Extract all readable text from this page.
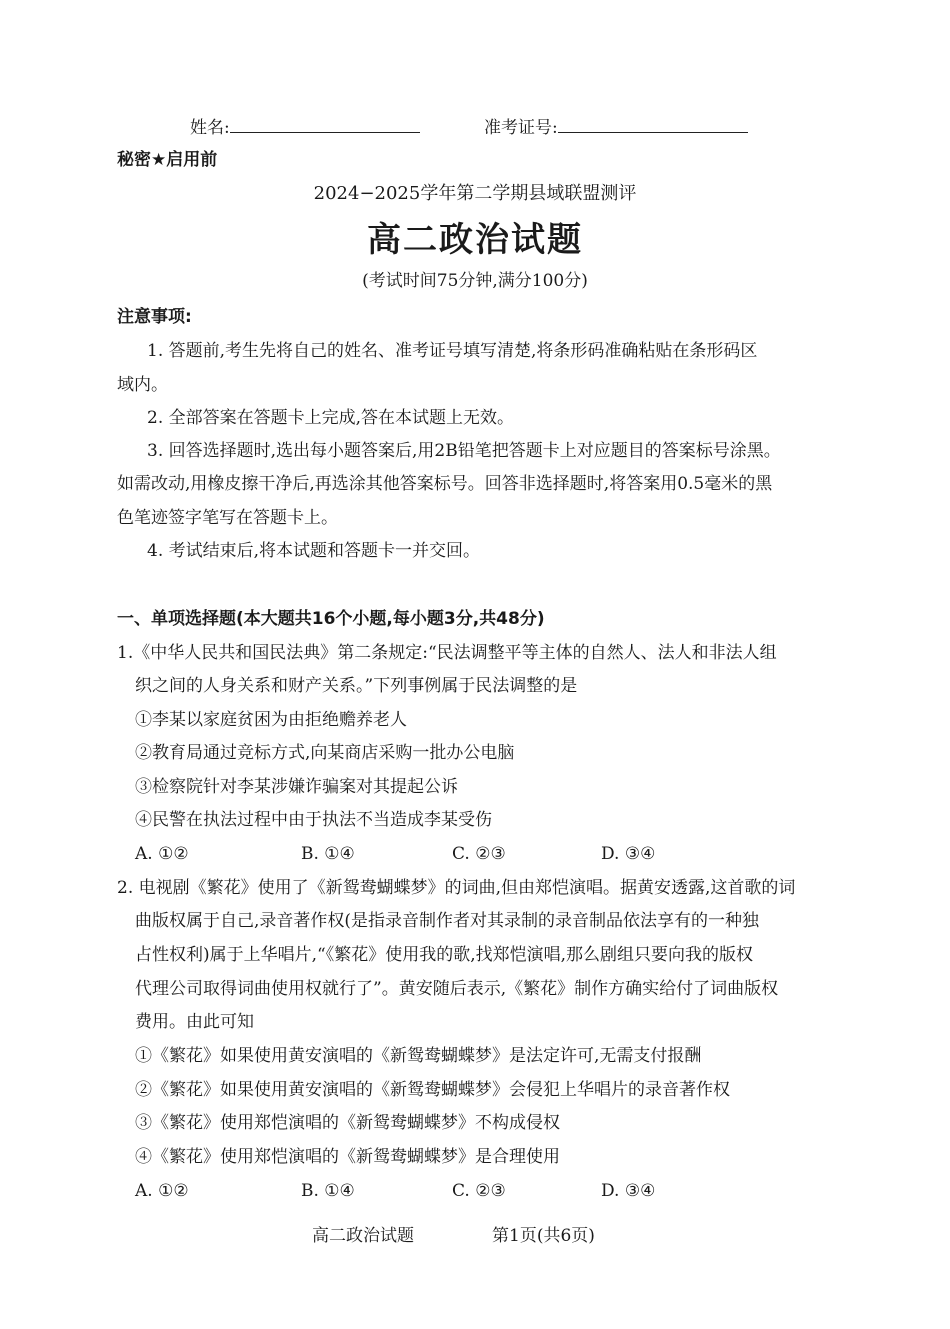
姓名:	准考证号:
秘密★启用前
2024−2025学年第二学期县域联盟测评
高二政治试题
(考试时间75分钟,满分100分)
注意事项:
1. 答题前,考生先将自己的姓名、准考证号填写清楚,将条形码准确粘贴在条形码区
域内。
2. 全部答案在答题卡上完成,答在本试题上无效。
3. 回答选择题时,选出每小题答案后,用2B铅笔把答题卡上对应题目的答案标号涂黑。
如需改动,用橡皮擦干净后,再选涂其他答案标号。回答非选择题时,将答案用0.5毫米的黑
色笔迹签字笔写在答题卡上。
4. 考试结束后,将本试题和答题卡一并交回。
一、单项选择题(本大题共16个小题,每小题3分,共48分)
1.《中华人民共和国民法典》第二条规定:“民法调整平等主体的自然人、法人和非法人组
织之间的人身关系和财产关系。”下列事例属于民法调整的是
①李某以家庭贫困为由拒绝赡养老人
②教育局通过竞标方式,向某商店采购一批办公电脑
③检察院针对李某涉嫌诈骗案对其提起公诉
④民警在执法过程中由于执法不当造成李某受伤
A. ①②	B. ①④	C. ②③	D. ③④
2. 电视剧《繁花》使用了《新鸳鸯蝴蝶梦》的词曲,但由郑恺演唱。据黄安透露,这首歌的词
曲版权属于自己,录音著作权(是指录音制作者对其录制的录音制品依法享有的一种独
占性权利)属于上华唱片,“《繁花》使用我的歌,找郑恺演唱,那么剧组只要向我的版权
代理公司取得词曲使用权就行了”。黄安随后表示,《繁花》制作方确实给付了词曲版权
费用。由此可知
①《繁花》如果使用黄安演唱的《新鸳鸯蝴蝶梦》是法定许可,无需支付报酬
②《繁花》如果使用黄安演唱的《新鸳鸯蝴蝶梦》会侵犯上华唱片的录音著作权
③《繁花》使用郑恺演唱的《新鸳鸯蝴蝶梦》不构成侵权
④《繁花》使用郑恺演唱的《新鸳鸯蝴蝶梦》是合理使用
A. ①②	B. ①④	C. ②③	D. ③④
高二政治试题	第1页(共6页)
